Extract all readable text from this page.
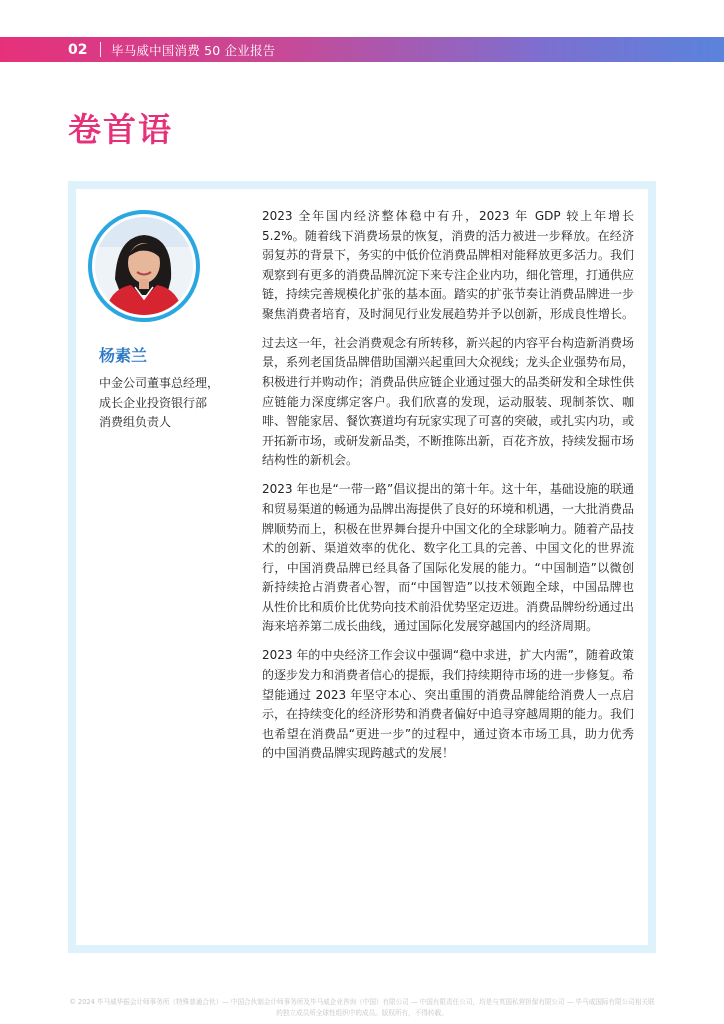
02 毕马威中国消费 50 企业报告
卷首语
杨素兰
中金公司董事总经理，
成长企业投资银行部
消费组负责人

2023 全年国内经济整体稳中有升，2023 年 GDP 较上年增长 5.2%。随着线下消费场景的恢复，消费的活力被进一步释放。在经济弱复苏的背景下，务实的中低价位消费品牌相对能释放更多活力。我们观察到有更多的消费品牌沉淀下来专注企业内功，细化管理，打通供应链，持续完善规模化扩张的基本面。踏实的扩张节奏让消费品牌进一步聚焦消费者培育，及时洞见行业发展趋势并予以创新，形成良性增长。

过去这一年，社会消费观念有所转移，新兴起的内容平台构造新消费场景，系列老国货品牌借助国潮兴起重回大众视线；龙头企业强势布局，积极进行并购动作；消费品供应链企业通过强大的品类研发和全球性供应链能力深度绑定客户。我们欣喜的发现，运动服装、现制茶饮、咖啡、智能家居、餐饮赛道均有玩家实现了可喜的突破，或扎实内功，或开拓新市场，或研发新品类，不断推陈出新，百花齐放，持续发掘市场结构性的新机会。

2023 年也是“一带一路”倡议提出的第十年。这十年，基础设施的联通和贸易渠道的畅通为品牌出海提供了良好的环境和机遇，一大批消费品牌顺势而上，积极在世界舞台提升中国文化的全球影响力。随着产品技术的创新、渠道效率的优化、数字化工具的完善、中国文化的世界流行，中国消费品牌已经具备了国际化发展的能力。“中国制造”以微创新持续抢占消费者心智，而“中国智造”以技术领跑全球，中国品牌也从性价比和质价比优势向技术前沿优势坚定迈进。消费品牌纷纷通过出海来培养第二成长曲线，通过国际化发展穿越国内的经济周期。

2023 年的中央经济工作会议中强调“稳中求进，扩大内需”，随着政策的逐步发力和消费者信心的提振，我们持续期待市场的进一步修复。希望能通过 2023 年坚守本心、突出重围的消费品牌能给消费人一点启示，在持续变化的经济形势和消费者偏好中追寻穿越周期的能力。我们也希望在消费品“更进一步”的过程中，通过资本市场工具，助力优秀的中国消费品牌实现跨越式的发展！

© 2024 毕马威华振会计师事务所（特殊普通合伙）— 中国合伙制会计师事务所及毕马威企业咨询（中国）有限公司 — 中国有限责任公司，均是与英国私营担保有限公司 — 毕马威国际有限公司相关联
的独立成员所全球性组织中的成员。版权所有，不得转载。
